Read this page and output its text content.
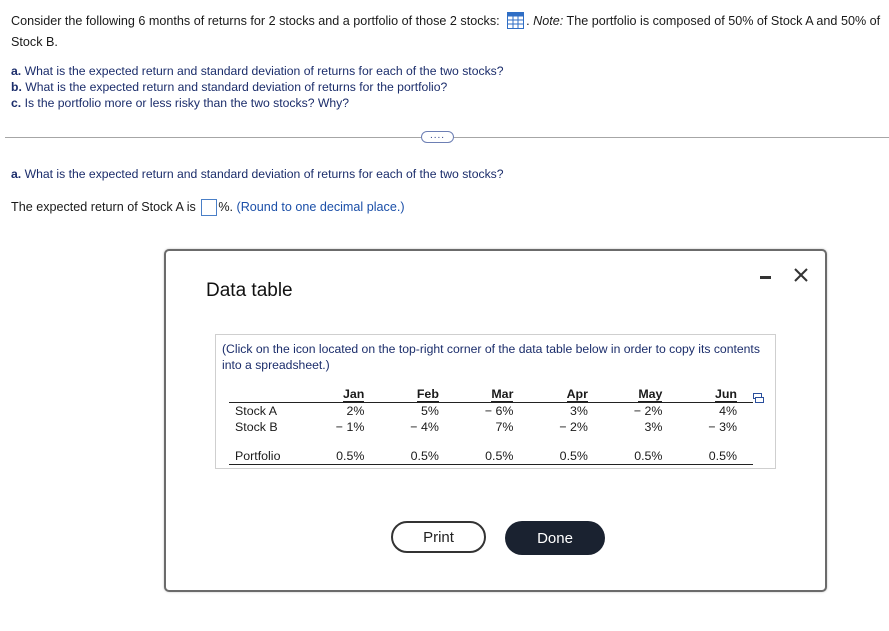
Consider the following 6 months of returns for 2 stocks and a portfolio of those 2 stocks: . Note: The portfolio is composed of 50% of Stock A and 50% of Stock B.
a. What is the expected return and standard deviation of returns for each of the two stocks?
b. What is the expected return and standard deviation of returns for the portfolio?
c. Is the portfolio more or less risky than the two stocks? Why?
....
a. What is the expected return and standard deviation of returns for each of the two stocks?
The expected return of Stock A is %. (Round to one decimal place.)
Data table
(Click on the icon located on the top-right corner of the data table below in order to copy its contents into a spreadsheet.)
	Jan	Feb	Mar	Apr	May	Jun
Stock A	2%	5%	− 6%	3%	− 2%	4%
Stock B	− 1%	− 4%	7%	− 2%	3%	− 3%

Portfolio	0.5%	0.5%	0.5%	0.5%	0.5%	0.5%
Print	Done
